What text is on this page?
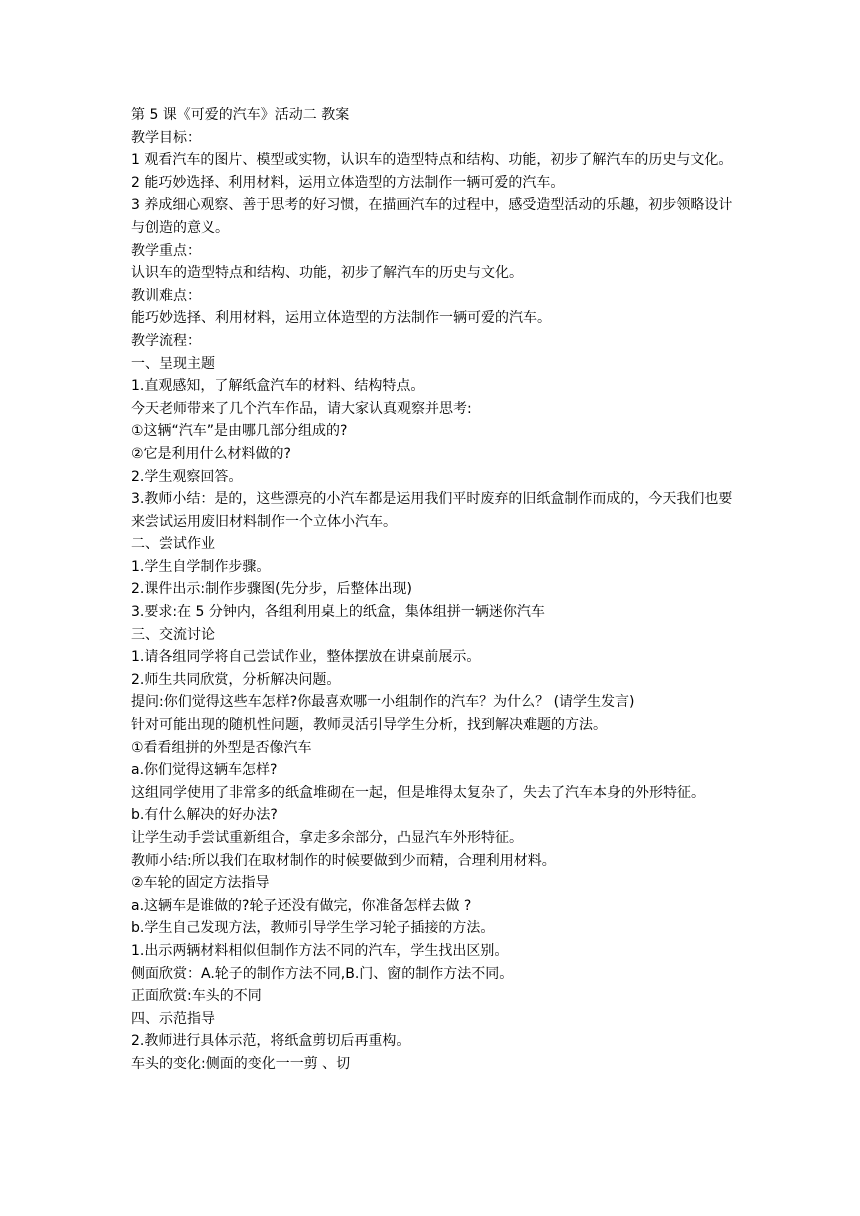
第 5 课《可爱的汽车》活动二 教案
教学目标：
1 观看汽车的图片、模型或实物，认识车的造型特点和结构、功能，初步了解汽车的历史与文化。
2 能巧妙选择、利用材料，运用立体造型的方法制作一辆可爱的汽车。
3 养成细心观察、善于思考的好习惯，在描画汽车的过程中，感受造型活动的乐趣，初步领略设计与创造的意义。
教学重点：
认识车的造型特点和结构、功能，初步了解汽车的历史与文化。
教训难点：
能巧妙选择、利用材料，运用立体造型的方法制作一辆可爱的汽车。
教学流程：
一、呈现主题
1.直观感知，了解纸盒汽车的材料、结构特点。
今天老师带来了几个汽车作品，请大家认真观察并思考:
①这辆“汽车”是由哪几部分组成的?
②它是利用什么材料做的?
2.学生观察回答。
3.教师小结：是的，这些漂亮的小汽车都是运用我们平时废弃的旧纸盒制作而成的，今天我们也要来尝试运用废旧材料制作一个立体小汽车。
二、尝试作业
1.学生自学制作步骤。
2.课件出示:制作步骤图(先分步，后整体出现)
3.要求:在 5 分钟内，各组利用桌上的纸盒，集体组拼一辆迷你汽车
三、交流讨论
1.请各组同学将自己尝试作业，整体摆放在讲桌前展示。
2.师生共同欣赏，分析解决问题。
提问:你们觉得这些车怎样?你最喜欢哪一小组制作的汽车？为什么？ (请学生发言)
针对可能出现的随机性问题，教师灵活引导学生分析，找到解决难题的方法。
①看看组拼的外型是否像汽车
a.你们觉得这辆车怎样?
这组同学使用了非常多的纸盒堆砌在一起，但是堆得太复杂了，失去了汽车本身的外形特征。
b.有什么解决的好办法?
让学生动手尝试重新组合，拿走多余部分，凸显汽车外形特征。
教师小结:所以我们在取材制作的时候要做到少而精，合理利用材料。
②车轮的固定方法指导
a.这辆车是谁做的?轮子还没有做完，你准备怎样去做 ?
b.学生自己发现方法，教师引导学生学习轮子插接的方法。
1.出示两辆材料相似但制作方法不同的汽车，学生找出区别。
侧面欣赏：A.轮子的制作方法不同,B.门、窗的制作方法不同。
正面欣赏:车头的不同
四、示范指导
2.教师进行具体示范，将纸盒剪切后再重构。
车头的变化:侧面的变化一一剪 、切
